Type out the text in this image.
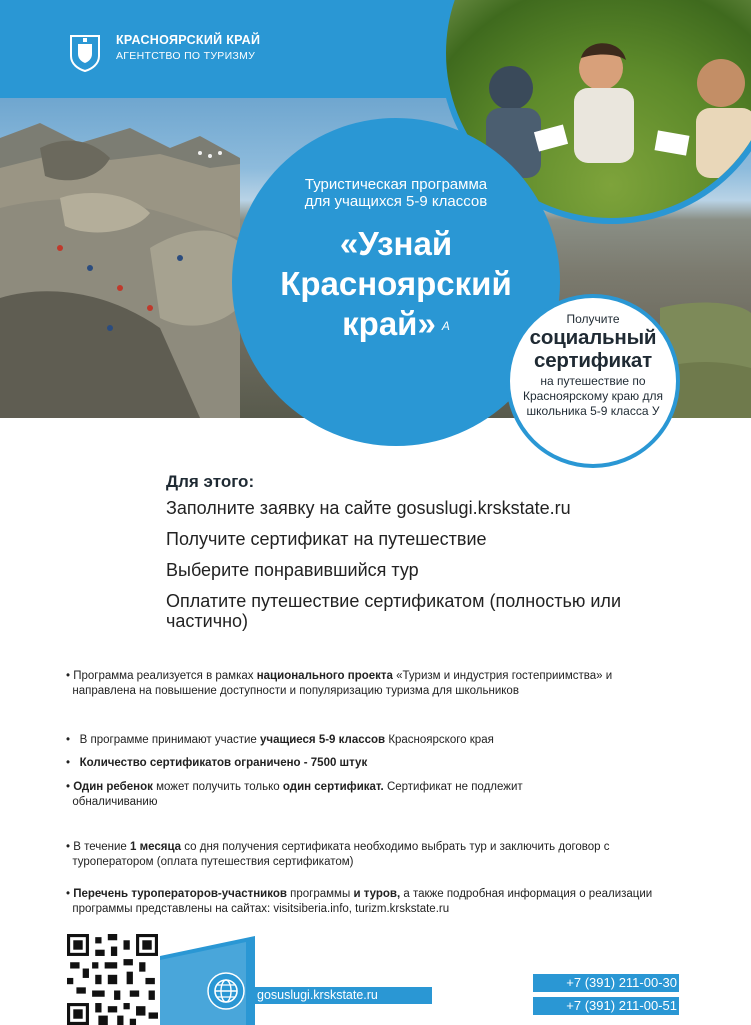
КРАСНОЯРСКИЙ КРАЙ
АГЕНТСТВО ПО ТУРИЗМУ
Туристическая программа
для учащихся 5-9 классов
«Узнай
Красноярский
край» A
Получите
социальный
сертификат
на путешествие по
Красноярскому краю для
школьника 5-9 класса У
Для этого:
Заполните заявку на сайте gosuslugi.krskstate.ru
Получите сертификат на путешествие
Выберите понравившийся тур
Оплатите путешествие сертификатом (полностью или частично)
• Программа реализуется в рамках национального проекта «Туризм и индустрия гостеприимства» и
направлена на повышение доступности и популяризацию туризма для школьников
•   В программе принимают участие учащиеся 5-9 классов Красноярского края
•   Количество сертификатов ограничено - 7500 штук
• Один ребенок может получить только один сертификат. Сертификат не подлежит
обналичиванию
• В течение 1 месяца со дня получения сертификата необходимо выбрать тур и заключить договор с
туроператором (оплата путешествия сертификатом)
• Перечень туроператоров-участников программы и туров, а также подробная информация о реализации
программы представлены на сайтах: visitsiberia.info, turizm.krskstate.ru
gosuslugi.krskstate.ru
+7 (391) 211-00-30
+7 (391) 211-00-51
